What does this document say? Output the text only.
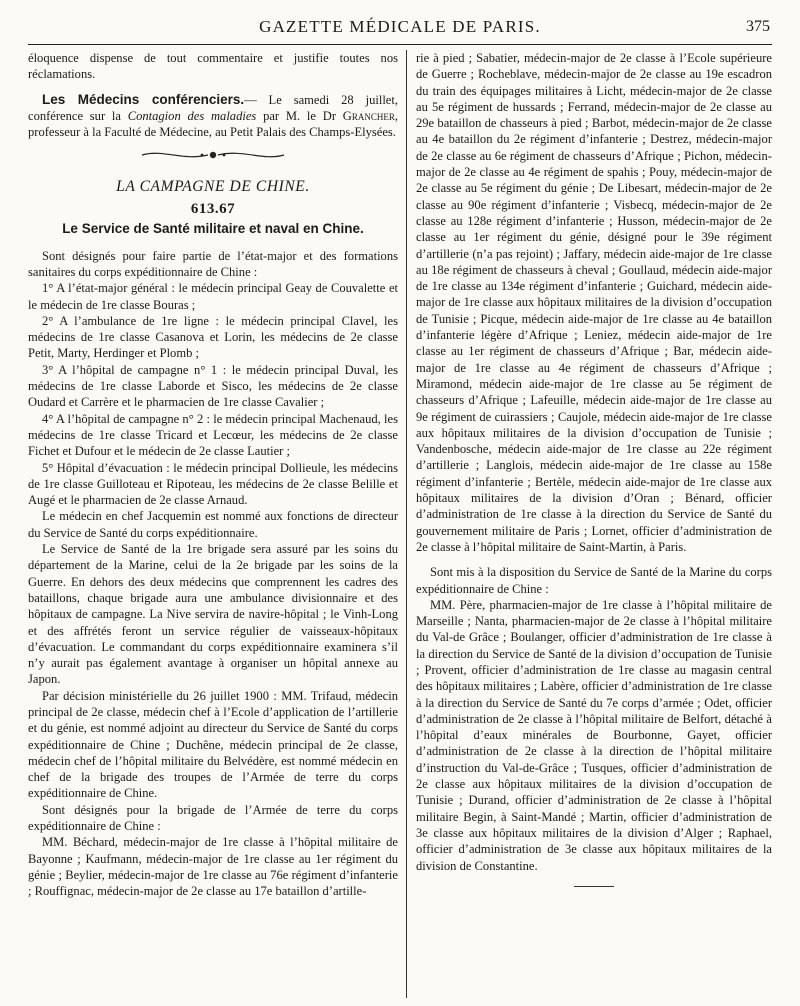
GAZETTE MÉDICALE DE PARIS.	375

éloquence dispense de tout commentaire et justifie toutes nos réclamations.

Les Médecins conférenciers.— Le samedi 28 juillet, conférence sur la Contagion des maladies par M. le Dr Grancher, professeur à la Faculté de Médecine, au Petit Palais des Champs-Elysées.

LA CAMPAGNE DE CHINE.
613.67
Le Service de Santé militaire et naval en Chine.

Sont désignés pour faire partie de l’état-major et des formations sanitaires du corps expéditionnaire de Chine :

1° A l’état-major général : le médecin principal Geay de Couvalette et le médecin de 1re classe Bouras ;

2° A l’ambulance de 1re ligne : le médecin principal Clavel, les médecins de 1re classe Casanova et Lorin, les médecins de 2e classe Petit, Marty, Herdinger et Plomb ;

3° A l’hôpital de campagne n° 1 : le médecin principal Duval, les médecins de 1re classe Laborde et Sisco, les médecins de 2e classe Oudard et Carrère et le pharmacien de 1re classe Cavalier ;

4° A l’hôpital de campagne n° 2 : le médecin principal Machenaud, les médecins de 1re classe Tricard et Lecœur, les médecins de 2e classe Fichet et Dufour et le médecin de 2e classe Lautier ;

5° Hôpital d’évacuation : le médecin principal Dollieule, les médecins de 1re classe Guilloteau et Ripoteau, les médecins de 2e classe Belille et Augé et le pharmacien de 2e classe Arnaud.

Le médecin en chef Jacquemin est nommé aux fonctions de directeur du Service de Santé du corps expéditionnaire.

Le Service de Santé de la 1re brigade sera assuré par les soins du département de la Marine, celui de la 2e brigade par les soins de la Guerre. En dehors des deux médecins que comprennent les cadres des bataillons, chaque brigade aura une ambulance divisionnaire et des hôpitaux de campagne. La Nive servira de navire-hôpital ; le Vinh-Long et des affrétés feront un service régulier de vaisseaux-hôpitaux d’évacuation. Le commandant du corps expéditionnaire examinera s’il n’y aurait pas également avantage à organiser un hôpital annexe au Japon.

Par décision ministérielle du 26 juillet 1900 : MM. Trifaud, médecin principal de 2e classe, médecin chef à l’Ecole d’application de l’artillerie et du génie, est nommé adjoint au directeur du Service de Santé du corps expéditionnaire de Chine ; Duchêne, médecin principal de 2e classe, médecin chef de l’hôpital militaire du Belvédère, est nommé médecin en chef de la brigade des troupes de l’Armée de terre du corps expéditionnaire de Chine.

Sont désignés pour la brigade de l’Armée de terre du corps expéditionnaire de Chine :

MM. Béchard, médecin-major de 1re classe à l’hôpital militaire de Bayonne ; Kaufmann, médecin-major de 1re classe au 1er régiment du génie ; Beylier, médecin-major de 1re classe au 76e régiment d’infanterie ; Rouffignac, médecin-major de 2e classe au 17e bataillon d’artille-

rie à pied ; Sabatier, médecin-major de 2e classe à l’Ecole supérieure de Guerre ; Rocheblave, médecin-major de 2e classe au 19e escadron du train des équipages militaires à Licht, médecin-major de 2e classe au 5e régiment de hussards ; Ferrand, médecin-major de 2e classe au 29e bataillon de chasseurs à pied ; Barbot, médecin-major de 2e classe au 4e bataillon du 2e régiment d’infanterie ; Destrez, médecin-major de 2e classe au 6e régiment de chasseurs d’Afrique ; Pichon, médecin-major de 2e classe au 4e régiment de spahis ; Pouy, médecin-major de 2e classe au 5e régiment du génie ; De Libesart, médecin-major de 2e classe au 90e régiment d’infanterie ; Visbecq, médecin-major de 2e classe au 128e régiment d’infanterie ; Husson, médecin-major de 2e classe au 1er régiment du génie, désigné pour le 39e régiment d’artillerie (n’a pas rejoint) ; Jaffary, médecin aide-major de 1re classe au 18e régiment de chasseurs à cheval ; Goullaud, médecin aide-major de 1re classe au 134e régiment d’infanterie ; Guichard, médecin aide-major de 1re classe aux hôpitaux militaires de la division d’occupation de Tunisie ; Picque, médecin aide-major de 1re classe au 4e bataillon d’infanterie légère d’Afrique ; Leniez, médecin aide-major de 1re classe au 1er régiment de chasseurs d’Afrique ; Bar, médecin aide-major de 1re classe au 4e régiment de chasseurs d’Afrique ; Miramond, médecin aide-major de 1re classe au 5e régiment de chasseurs d’Afrique ; Lafeuille, médecin aide-major de 1re classe au 9e régiment de cuirassiers ; Caujole, médecin aide-major de 1re classe aux hôpitaux militaires de la division d’occupation de Tunisie ; Vandenbosche, médecin aide-major de 1re classe au 22e régiment d’artillerie ; Langlois, médecin aide-major de 1re classe au 158e régiment d’infanterie ; Bertèle, médecin aide-major de 1re classe aux hôpitaux militaires de la division d’Oran ; Bénard, officier d’administration de 1re classe à la direction du Service de Santé du gouvernement militaire de Paris ; Lornet, officier d’administration de 2e classe à l’hôpital militaire de Saint-Martin, à Paris.

Sont mis à la disposition du Service de Santé de la Marine du corps expéditionnaire de Chine :

MM. Père, pharmacien-major de 1re classe à l’hôpital militaire de Marseille ; Nanta, pharmacien-major de 2e classe à l’hôpital militaire du Val-de Grâce ; Boulanger, officier d’administration de 1re classe à la direction du Service de Santé de la division d’occupation de Tunisie ; Provent, officier d’administration de 1re classe au magasin central des hôpitaux militaires ; Labère, officier d’administration de 1re classe à la direction du Service de Santé du 7e corps d’armée ; Odet, officier d’administration de 2e classe à l’hôpital militaire de Belfort, détaché à l’hôpital d’eaux minérales de Bourbonne, Gayet, officier d’administration de 2e classe à la direction de l’hôpital militaire d’instruction du Val-de-Grâce ; Tusques, officier d’administration de 2e classe aux hôpitaux militaires de la division d’occupation de Tunisie ; Durand, officier d’administration de 2e classe à l’hôpital militaire Begin, à Saint-Mandé ; Martin, officier d’administration de 3e classe aux hôpitaux militaires de la division d’Alger ; Raphael, officier d’administration de 3e classe aux hôpitaux militaires de la division de Constantine.
